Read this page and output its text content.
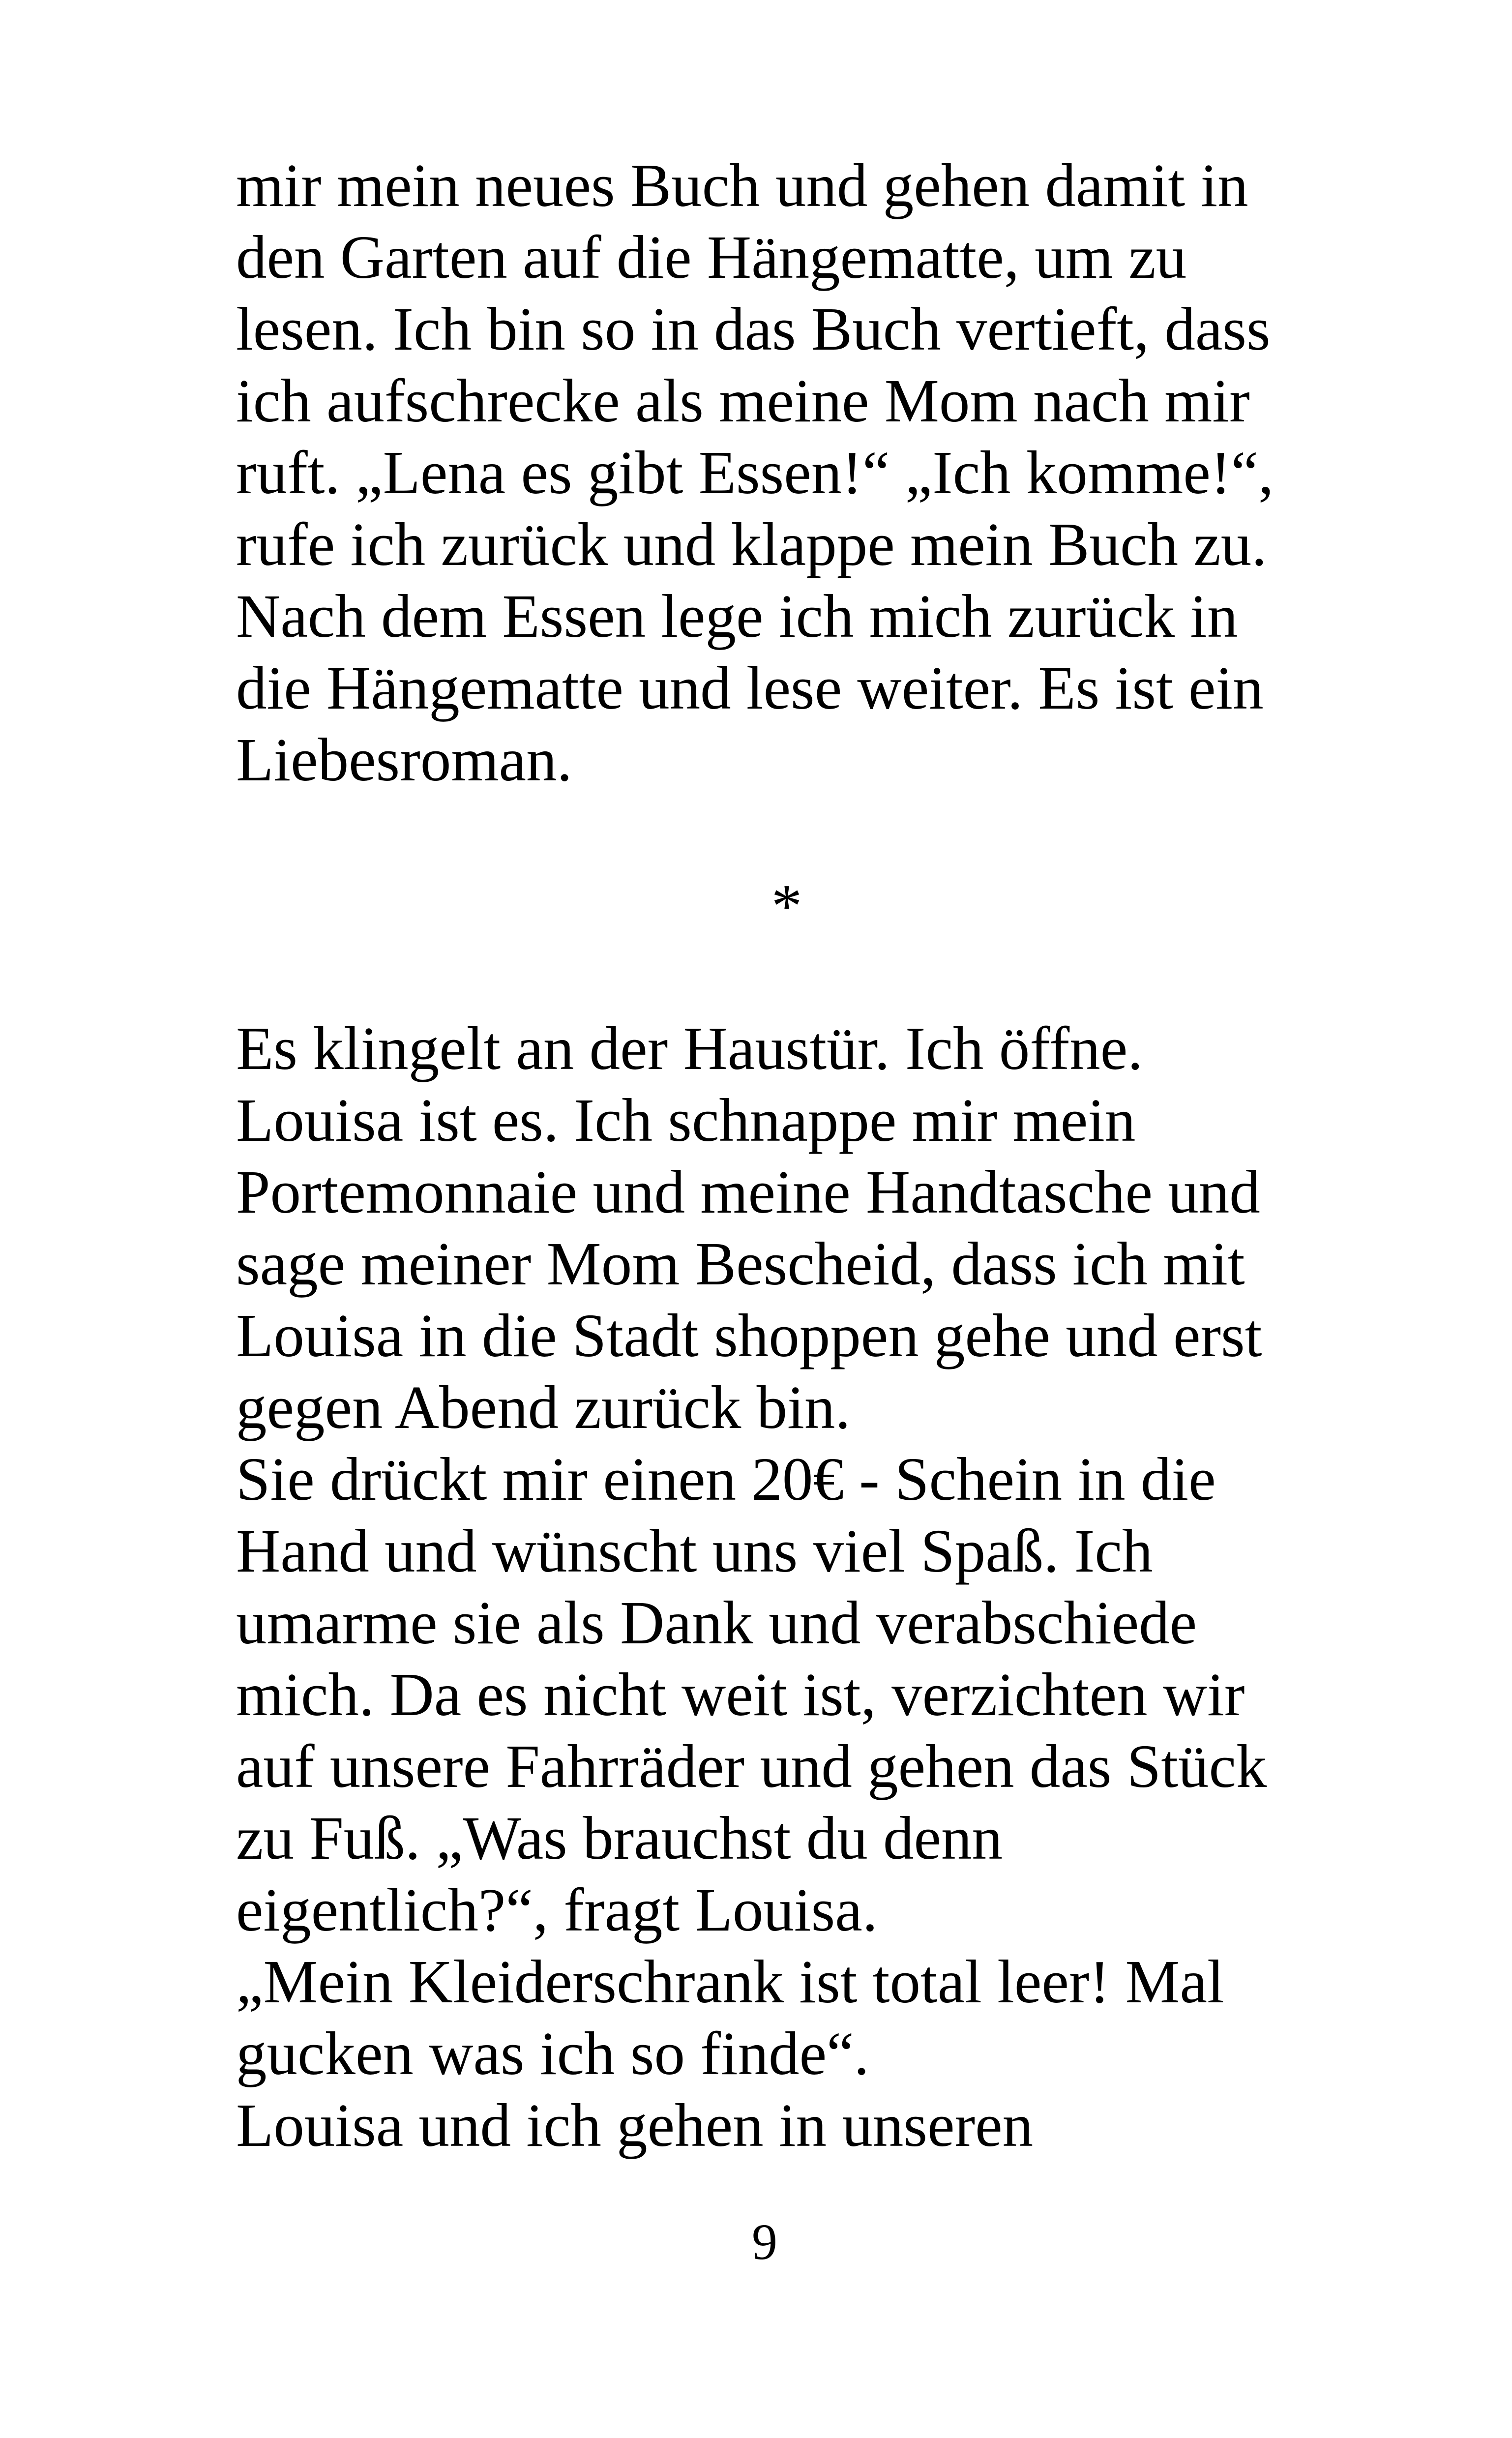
mir mein neues Buch und gehen damit in
den Garten auf die Hängematte, um zu
lesen. Ich bin so in das Buch vertieft, dass
ich aufschrecke als meine Mom nach mir
ruft. „Lena es gibt Essen!“ „Ich komme!“,
rufe ich zurück und klappe mein Buch zu.
Nach dem Essen lege ich mich zurück in
die Hängematte und lese weiter. Es ist ein
Liebesroman.
*
Es klingelt an der Haustür. Ich öffne.
Louisa ist es. Ich schnappe mir mein
Portemonnaie und meine Handtasche und
sage meiner Mom Bescheid, dass ich mit
Louisa in die Stadt shoppen gehe und erst
gegen Abend zurück bin.
Sie drückt mir einen 20€ - Schein in die
Hand und wünscht uns viel Spaß. Ich
umarme sie als Dank und verabschiede
mich. Da es nicht weit ist, verzichten wir
auf unsere Fahrräder und gehen das Stück
zu Fuß. „Was brauchst du denn
eigentlich?“, fragt Louisa.
„Mein Kleiderschrank ist total leer! Mal
gucken was ich so finde“.
Louisa und ich gehen in unseren
9
